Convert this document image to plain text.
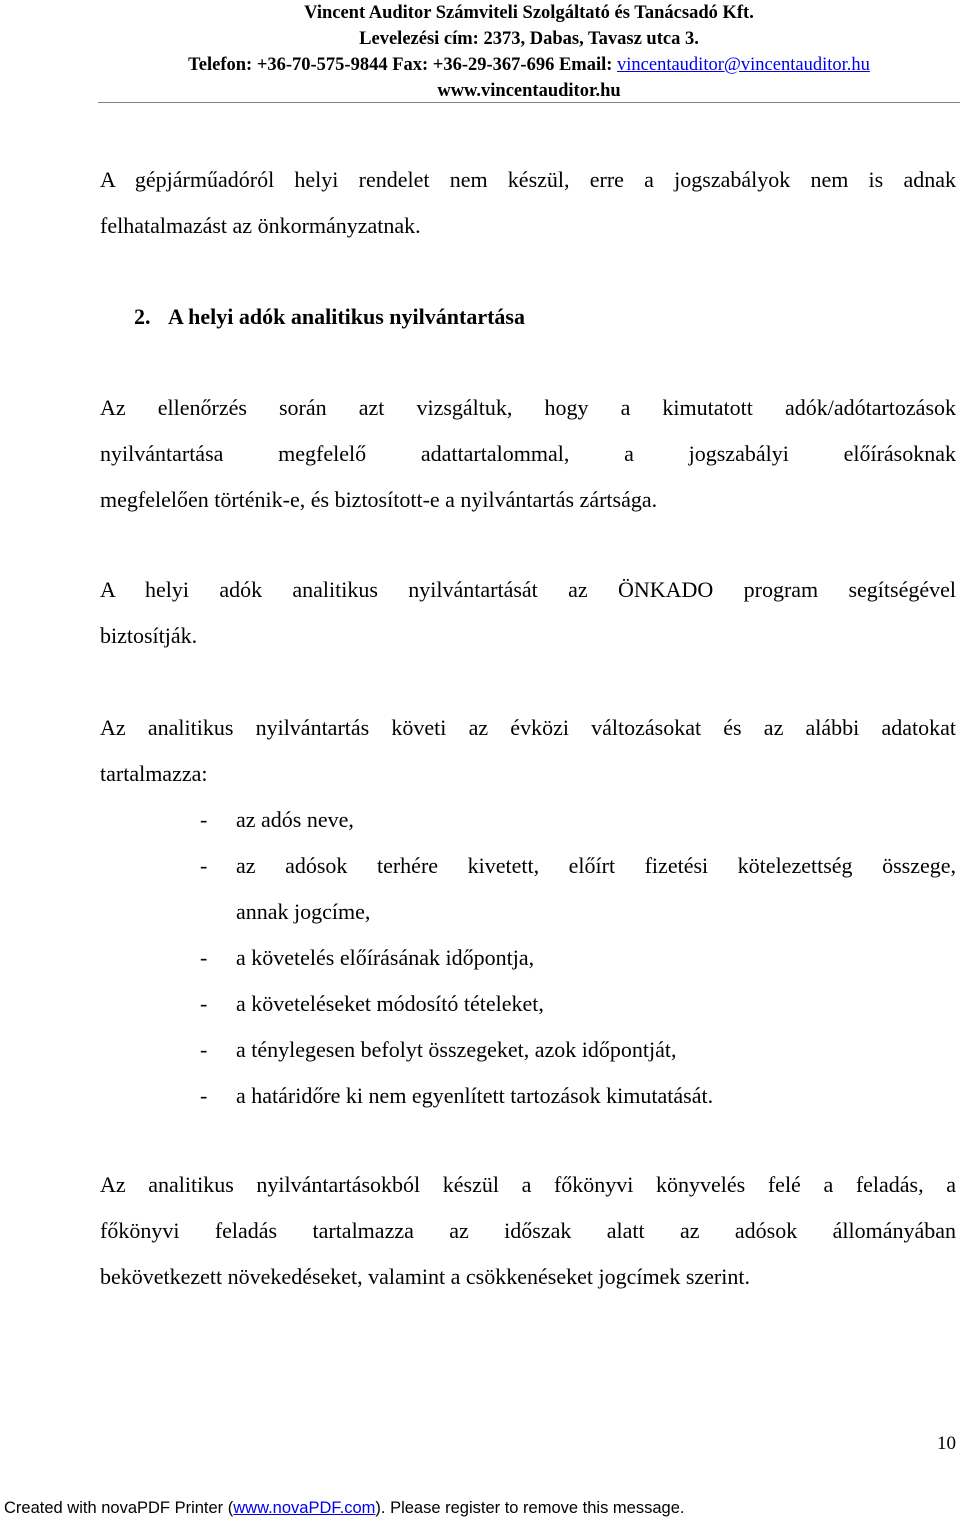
Vincent Auditor Számviteli Szolgáltató és Tanácsadó Kft.
Levelezési cím: 2373, Dabas, Tavasz utca 3.
Telefon: +36-70-575-9844 Fax: +36-29-367-696 Email: vincentauditor@vincentauditor.hu
www.vincentauditor.hu
A gépjárműadóról helyi rendelet nem készül, erre a jogszabályok nem is adnak
felhatalmazást az önkormányzatnak.
2. A helyi adók analitikus nyilvántartása
Az ellenőrzés során azt vizsgáltuk, hogy a kimutatott adók/adótartozások
nyilvántartása megfelelő adattartalommal, a jogszabályi előírásoknak
megfelelően történik-e, és biztosított-e a nyilvántartás zártsága.
A helyi adók analitikus nyilvántartását az ÖNKADO program segítségével
biztosítják.
Az analitikus nyilvántartás követi az évközi változásokat és az alábbi adatokat
tartalmazza:
- az adós neve,
- az adósok terhére kivetett, előírt fizetési kötelezettség összege,
annak jogcíme,
- a követelés előírásának időpontja,
- a követeléseket módosító tételeket,
- a ténylegesen befolyt összegeket, azok időpontját,
- a határidőre ki nem egyenlített tartozások kimutatását.
Az analitikus nyilvántartásokból készül a főkönyvi könyvelés felé a feladás, a
főkönyvi feladás tartalmazza az időszak alatt az adósok állományában
bekövetkezett növekedéseket, valamint a csökkenéseket jogcímek szerint.
10
Created with novaPDF Printer (www.novaPDF.com). Please register to remove this message.
